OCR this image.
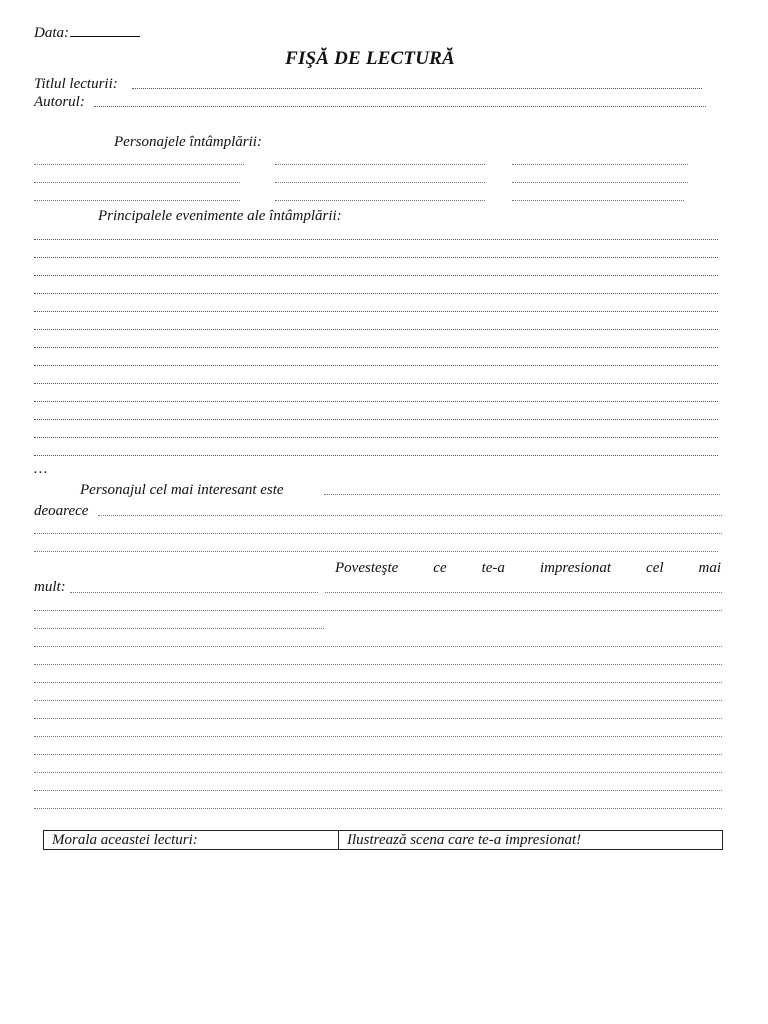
Data:
FIŞĂ DE LECTURĂ
Titlul lecturii:
Autorul:
Personajele întâmplării:
Principalele evenimente ale întâmplării:
…
Personajul cel mai interesant este
deoarece
Povesteşte ce te-a impresionat cel mai
mult:
Morala aceastei lecturi:	Ilustrează scena care te-a impresionat!
